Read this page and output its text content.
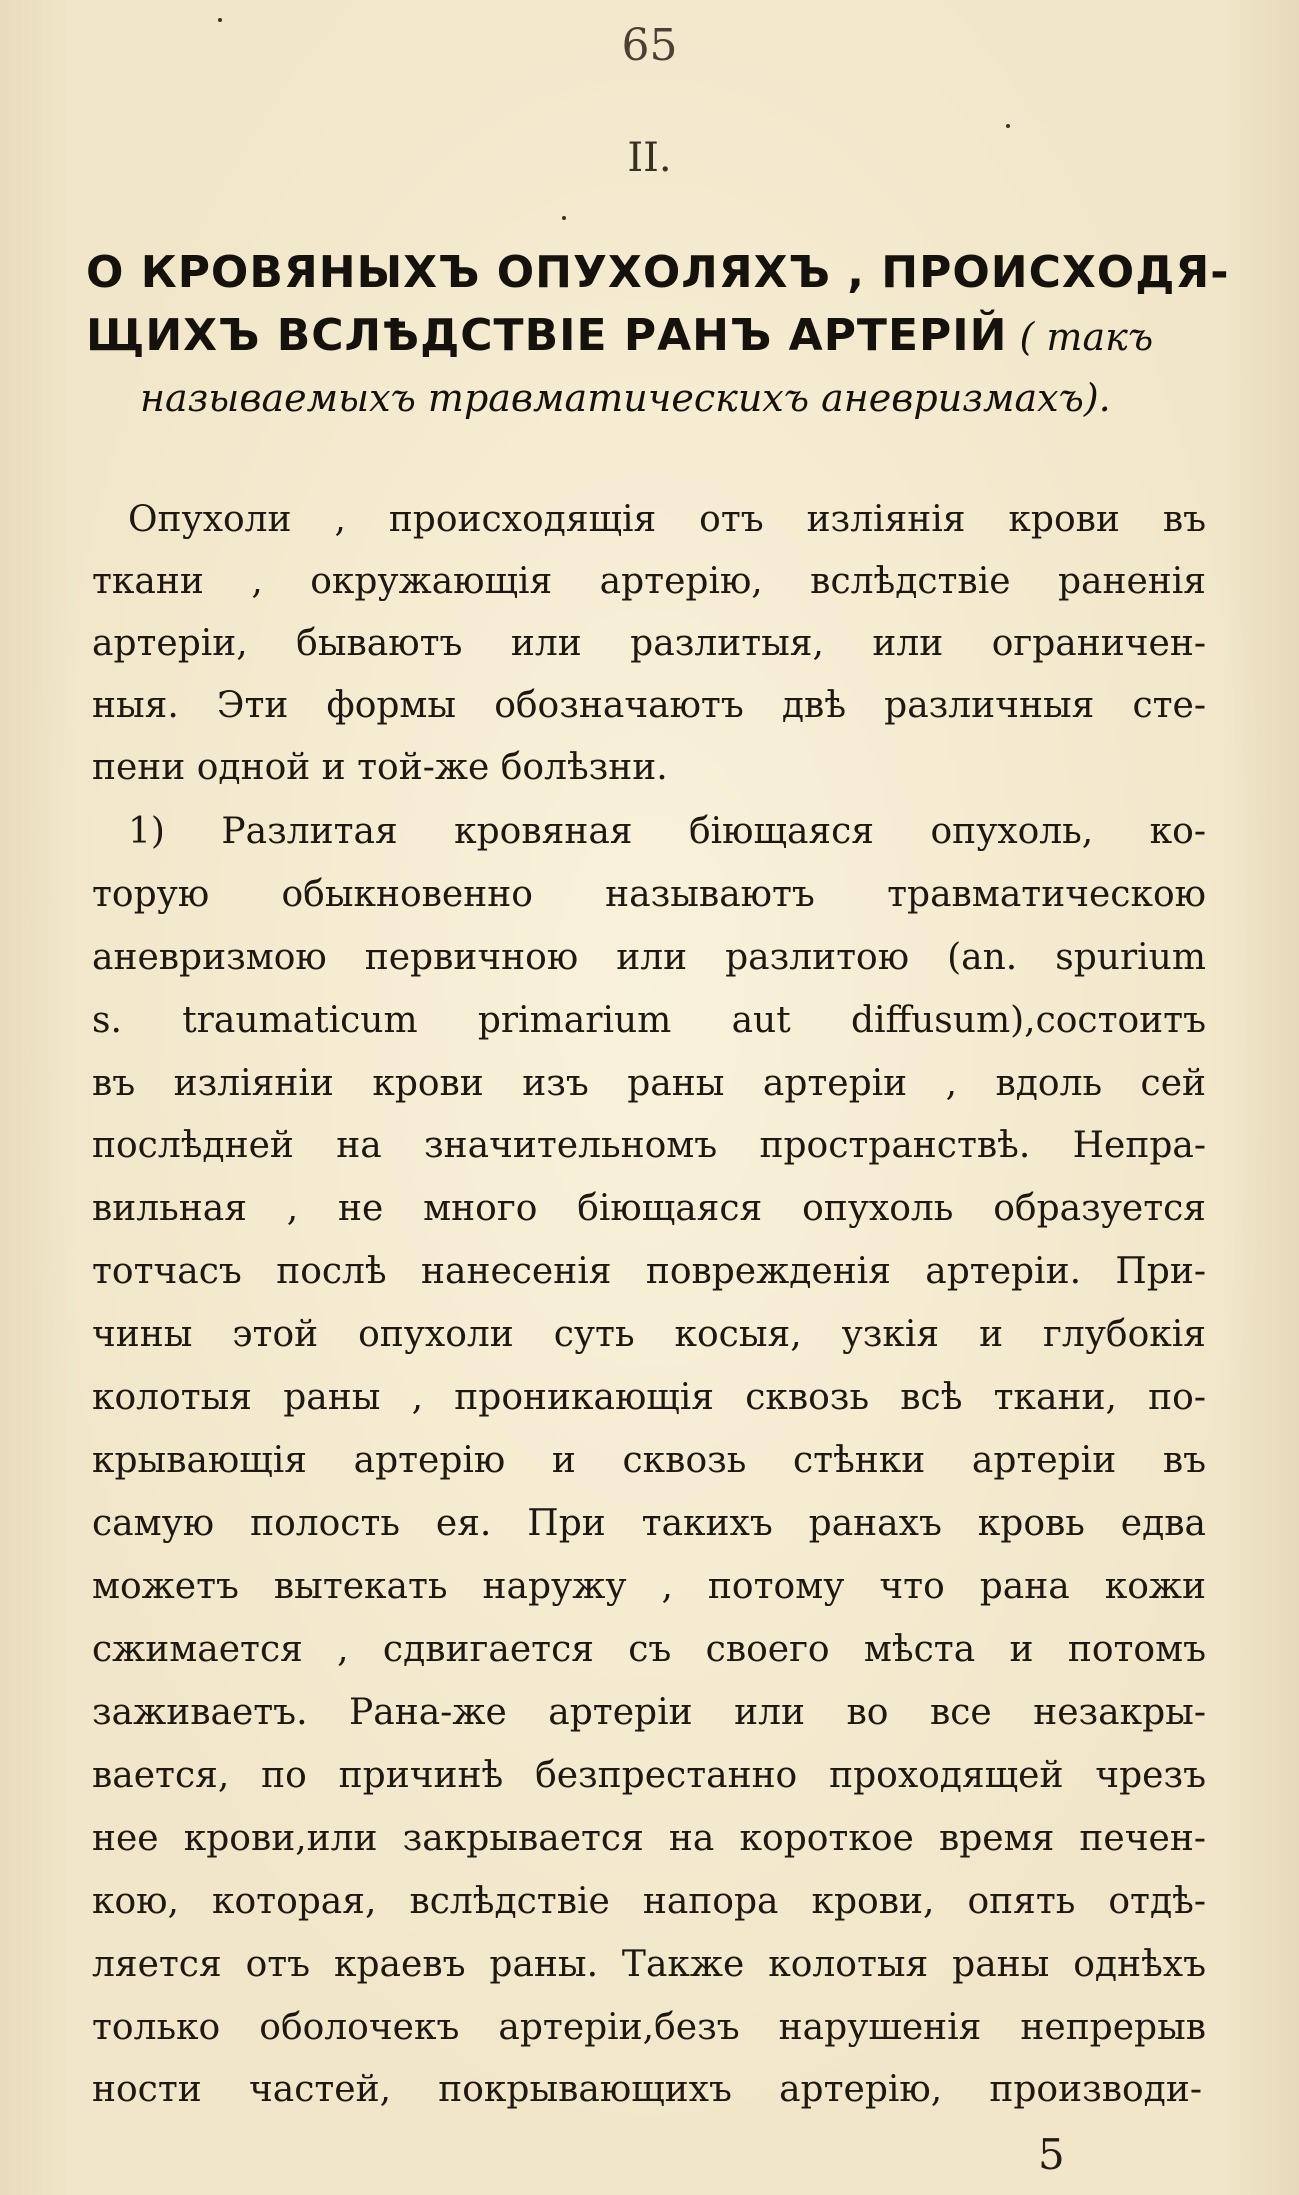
65
II.
О КРОВЯНЫХЪ ОПУХОЛЯХЪ , ПРОИСХОДЯ-
ЩИХЪ ВСЛѢДСТВІЕ РАНЪ АРТЕРІЙ ( такъ
называемыхъ травматическихъ аневризмахъ).
Опухоли , происходящія отъ изліянія крови въ
ткани , окружающія артерію, вслѣдствіе раненія
артеріи, бываютъ или разлитыя, или ограничен-
ныя. Эти формы обозначаютъ двѣ различныя сте-
пени одной и той-же болѣзни.
1) Разлитая кровяная біющаяся опухоль, ко-
торую обыкновенно называютъ травматическою
аневризмою первичною или разлитою (an. spurium
s. traumaticum primarium aut diffusum),состоитъ
въ изліяніи крови изъ раны артеріи , вдоль сей
послѣдней на значительномъ пространствѣ. Непра-
вильная , не много біющаяся опухоль образуется
тотчасъ послѣ нанесенія поврежденія артеріи. При-
чины этой опухоли суть косыя, узкія и глубокія
колотыя раны , проникающія сквозь всѣ ткани, по-
крывающія артерію и сквозь стѣнки артеріи въ
самую полость ея. При такихъ ранахъ кровь едва
можетъ вытекать наружу , потому что рана кожи
сжимается , сдвигается съ своего мѣста и потомъ
заживаетъ. Рана-же артеріи или во все незакры-
вается, по причинѣ безпрестанно проходящей чрезъ
нее крови,или закрывается на короткое время печен-
кою, которая, вслѣдствіе напора крови, опять отдѣ-
ляется отъ краевъ раны. Также колотыя раны однѣхъ
только оболочекъ артеріи,безъ нарушенія непрерыв
ности частей, покрывающихъ артерію, производи-
5
